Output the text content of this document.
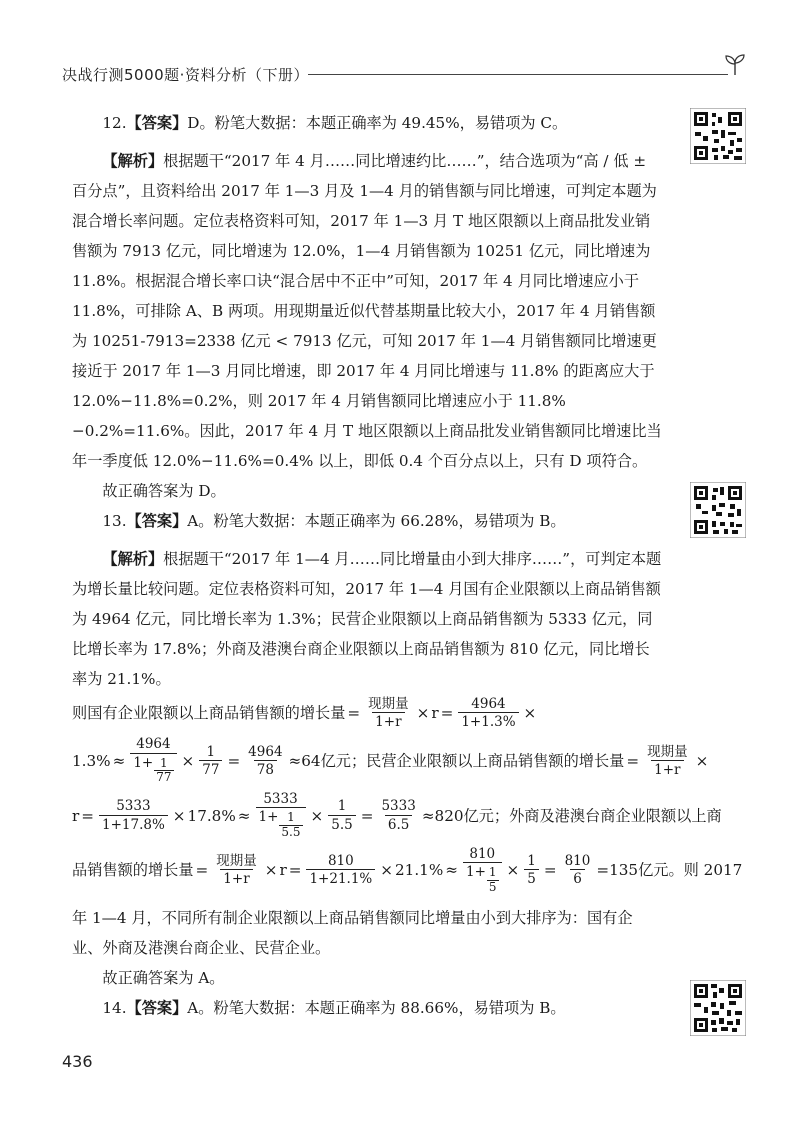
决战行测5000题·资料分析（下册）

12.【答案】D。粉笔大数据：本题正确率为 49.45%，易错项为 C。

【解析】根据题干“2017 年 4 月……同比增速约比……”，结合选项为“高 / 低 ± 百分点”，且资料给出 2017 年 1—3 月及 1—4 月的销售额与同比增速，可判定本题为混合增长率问题。定位表格资料可知，2017 年 1—3 月 T 地区限额以上商品批发业销售额为 7913 亿元，同比增速为 12.0%，1—4 月销售额为 10251 亿元，同比增速为 11.8%。根据混合增长率口诀“混合居中不正中”可知，2017 年 4 月同比增速应小于 11.8%，可排除 A、B 两项。用现期量近似代替基期量比较大小，2017 年 4 月销售额为 10251-7913=2338 亿元 < 7913 亿元，可知 2017 年 1—4 月销售额同比增速更接近于 2017 年 1—3 月同比增速，即 2017 年 4 月同比增速与 11.8% 的距离应大于 12.0%−11.8%=0.2%，则 2017 年 4 月销售额同比增速应小于 11.8%−0.2%=11.6%。因此，2017 年 4 月 T 地区限额以上商品批发业销售额同比增速比当年一季度低 12.0%−11.6%=0.4% 以上，即低 0.4 个百分点以上，只有 D 项符合。

故正确答案为 D。

13.【答案】A。粉笔大数据：本题正确率为 66.28%，易错项为 B。

【解析】根据题干“2017 年 1—4 月……同比增量由小到大排序……”，可判定本题为增长量比较问题。定位表格资料可知，2017 年 1—4 月国有企业限额以上商品销售额为 4964 亿元，同比增长率为 1.3%；民营企业限额以上商品销售额为 5333 亿元，同比增长率为 17.8%；外商及港澳台商企业限额以上商品销售额为 810 亿元，同比增长率为 21.1%。

则国有企业限额以上商品销售额的增长量 = $\frac{\text{现期量}}{1+r} \times r = \frac{4964}{1+1.3\%}$ ×
$1.3\% \approx \frac{4964}{1+ \frac{1}{77}} \times \frac{1}{77} = \frac{4964}{78} \approx 64$亿元；民营企业限额以上商品销售额的增长量 = $\frac{\text{现期量}}{1+r}$ ×
$r = \frac{5333}{1+17.8\%} \times 17.8\% \approx \frac{5333}{1+ \frac{1}{5.5}} \times \frac{1}{5.5} = \frac{5333}{6.5} \approx 820$亿元；外商及港澳台商企业限额以上商
品销售额的增长量 = $\frac{\text{现期量}}{1+r} \times r = \frac{810}{1+21.1\%} \times 21.1\% \approx \frac{810}{1+ \frac{1}{5}} \times \frac{1}{5} = \frac{810}{6} =135$亿元。则 2017

年 1—4 月，不同所有制企业限额以上商品销售额同比增量由小到大排序为：国有企业、外商及港澳台商企业、民营企业。

故正确答案为 A。

14.【答案】A。粉笔大数据：本题正确率为 88.66%，易错项为 B。

436
